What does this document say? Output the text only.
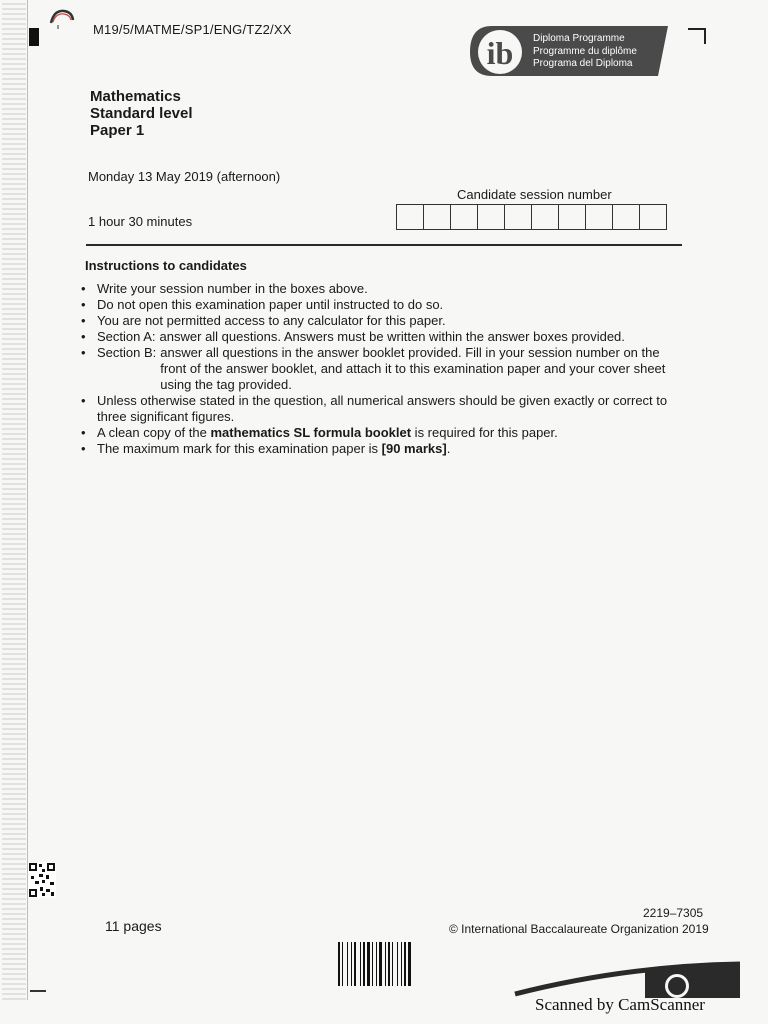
M19/5/MATME/SP1/ENG/TZ2/XX
ib Diploma Programme
Programme du diplôme
Programa del Diploma
Mathematics
Standard level
Paper 1
Monday 13 May 2019 (afternoon)
1 hour 30 minutes
Candidate session number
Instructions to candidates
• Write your session number in the boxes above.
• Do not open this examination paper until instructed to do so.
• You are not permitted access to any calculator for this paper.
• Section A: answer all questions. Answers must be written within the answer boxes provided.
• Section B: answer all questions in the answer booklet provided. Fill in your session number on the front of the answer booklet, and attach it to this examination paper and your cover sheet using the tag provided.
• Unless otherwise stated in the question, all numerical answers should be given exactly or correct to three significant figures.
• A clean copy of the mathematics SL formula booklet is required for this paper.
• The maximum mark for this examination paper is [90 marks].
11 pages
2219–7305
© International Baccalaureate Organization 2019
Scanned by CamScanner
